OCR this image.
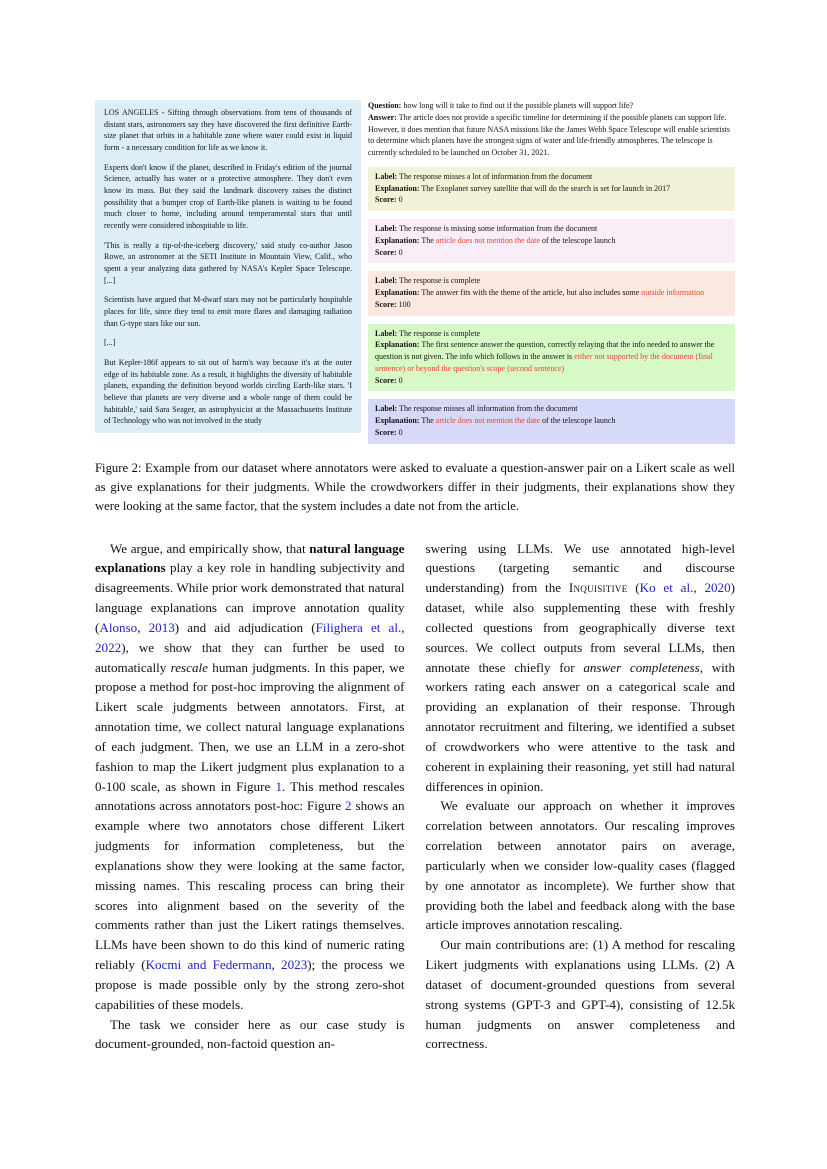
LOS ANGELES - Sifting through observations from tens of thousands of distant stars, astronomers say they have discovered the first definitive Earth-size planet that orbits in a habitable zone where water could exist in liquid form - a necessary condition for life as we know it.

Experts don't know if the planet, described in Friday's edition of the journal Science, actually has water or a protective atmosphere. They don't even know its mass. But they said the landmark discovery raises the distinct possibility that a bumper crop of Earth-like planets is waiting to be found much closer to home, including around temperamental stars that until recently were considered inhospitable to life.

'This is really a tip-of-the-iceberg discovery,' said study co-author Jason Rowe, an astronomer at the SETI Institute in Mountain View, Calif., who spent a year analyzing data gathered by NASA's Kepler Space Telescope. [...]

Scientists have argued that M-dwarf stars may not be particularly hospitable places for life, since they tend to emit more flares and damaging radiation than G-type stars like our sun.

[...]

But Kepler-186f appears to sit out of harm's way because it's at the outer edge of its habitable zone. As a result, it highlights the diversity of habitable planets, expanding the definition beyond worlds circling Earth-like stars. 'I believe that planets are very diverse and a whole range of them could be habitable,' said Sara Seager, an astrophysicist at the Massachusetts Institute of Technology who was not involved in the study

Question: how long will it take to find out if the possible planets will support life?

Answer: The article does not provide a specific timeline for determining if the possible planets can support life. However, it does mention that future NASA missions like the James Webb Space Telescope will enable scientists to determine which planets have the strongest signs of water and life-friendly atmospheres. The telescope is currently scheduled to be launched on October 31, 2021.

Label: The response misses a lot of information from the document
Explanation: The Exoplanet survey satellite that will do the search is set for launch in 2017
Score: 0
Label: The response is missing some information from the document
Explanation: The article does not mention the date of the telescope launch
Score: 0
Label: The response is complete
Explanation: The answer fits with the theme of the article, but also includes some outside information
Score: 100
Label: The response is complete
Explanation: The first sentence answer the question, correctly relaying that the info needed to answer the question is not given. The info which follows in the answer is either not supported by the document (final sentence) or beyond the question's scope (second sentence)
Score: 0
Label: The response misses all information from the document
Explanation: The article does not mention the date of the telescope launch
Score: 0

Figure 2: Example from our dataset where annotators were asked to evaluate a question-answer pair on a Likert scale as well as give explanations for their judgments. While the crowdworkers differ in their judgments, their explanations show they were looking at the same factor, that the system includes a date not from the article.

We argue, and empirically show, that natural language explanations play a key role in handling subjectivity and disagreements. While prior work demonstrated that natural language explanations can improve annotation quality (Alonso, 2013) and aid adjudication (Filighera et al., 2022), we show that they can further be used to automatically rescale human judgments. In this paper, we propose a method for post-hoc improving the alignment of Likert scale judgments between annotators. First, at annotation time, we collect natural language explanations of each judgment. Then, we use an LLM in a zero-shot fashion to map the Likert judgment plus explanation to a 0-100 scale, as shown in Figure 1. This method rescales annotations across annotators post-hoc: Figure 2 shows an example where two annotators chose different Likert judgments for information completeness, but the explanations show they were looking at the same factor, missing names. This rescaling process can bring their scores into alignment based on the severity of the comments rather than just the Likert ratings themselves. LLMs have been shown to do this kind of numeric rating reliably (Kocmi and Federmann, 2023); the process we propose is made possible only by the strong zero-shot capabilities of these models.

The task we consider here as our case study is document-grounded, non-factoid question an-

swering using LLMs. We use annotated high-level questions (targeting semantic and discourse understanding) from the Inquisitive (Ko et al., 2020) dataset, while also supplementing these with freshly collected questions from geographically diverse text sources. We collect outputs from several LLMs, then annotate these chiefly for answer completeness, with workers rating each answer on a categorical scale and providing an explanation of their response. Through annotator recruitment and filtering, we identified a subset of crowdworkers who were attentive to the task and coherent in explaining their reasoning, yet still had natural differences in opinion.

We evaluate our approach on whether it improves correlation between annotators. Our rescaling improves correlation between annotator pairs on average, particularly when we consider low-quality cases (flagged by one annotator as incomplete). We further show that providing both the label and feedback along with the base article improves annotation rescaling.

Our main contributions are: (1) A method for rescaling Likert judgments with explanations using LLMs. (2) A dataset of document-grounded questions from several strong systems (GPT-3 and GPT-4), consisting of 12.5k human judgments on answer completeness and correctness.
